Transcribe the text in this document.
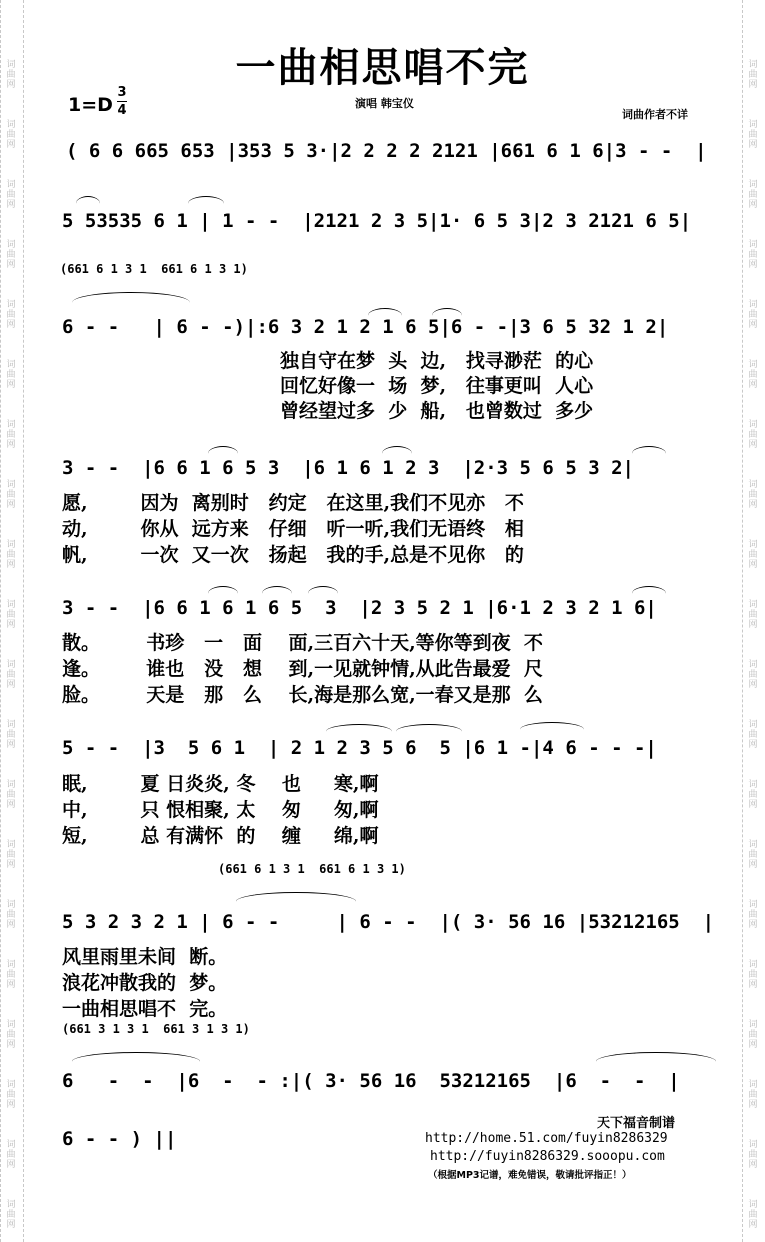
词
曲
网
词
曲
网
词
曲
网
词
曲
网
词
曲
网
词
曲
网
词
曲
网
词
曲
网
词
曲
网
词
曲
网
词
曲
网
词
曲
网
词
曲
网
词
曲
网
词
曲
网
词
曲
网
词
曲
网
词
曲
网
词
曲
网
词
曲
网
词
曲
网
词
曲
网
词
曲
网
词
曲
网
词
曲
网
词
曲
网
词
曲
网
词
曲
网
词
曲
网
词
曲
网
词
曲
网
词
曲
网
词
曲
网
词
曲
网
词
曲
网
词
曲
网
词
曲
网
词
曲
网
词
曲
网
词
曲
网
一曲相思唱不完
1=D
3
4	演唱 韩宝仪
词曲作者不详
( 6 6 665 653 |353 5 3·|2 2 2 2 2121 |661 6 1 6|3 - -  |
5 53535 6 1 | 1 - -  |2121 2 3 5|1· 6 5 3|2 3 2121 6 5|
(661 6 1 3 1  661 6 1 3 1)
6 - -   | 6 - -)|:6 3 2 1 2 1 6 5|6 - -|3 6 5 32 1 2|
独自守在梦  头  边,   找寻渺茫  的心
回忆好像一  场  梦,   往事更叫  人心
曾经望过多  少  船,   也曾数过  多少
3 - -  |6 6 1 6 5 3  |6 1 6 1 2 3  |2·3 5 6 5 3 2|
愿,        因为  离别时   约定   在这里,我们不见亦   不
动,        你从  远方来   仔细   听一听,我们无语终   相
帆,        一次  又一次   扬起   我的手,总是不见你   的
3 - -  |6 6 1 6 1 6 5  3  |2 3 5 2 1 |6·1 2 3 2 1 6|
散。       书珍   一   面    面,三百六十天,等你等到夜  不
逢。       谁也   没   想    到,一见就钟情,从此告最爱  尺
脸。       天是   那   么    长,海是那么宽,一春又是那  么
5 - -  |3  5 6 1  | 2 1 2 3 5 6  5 |6 1 -|4 6 - - -|
眠,        夏 日炎炎, 冬    也     寒,啊
中,        只 恨相聚, 太    匆     匆,啊
短,        总 有满怀  的    缠     绵,啊
(661 6 1 3 1  661 6 1 3 1)
5 3 2 3 2 1 | 6 - -     | 6 - -  |( 3· 56 16 |53212165  |
风里雨里未间  断。
浪花冲散我的  梦。
一曲相思唱不  完。
(661 3 1 3 1  661 3 1 3 1)
6   -  -  |6  -  - :|( 3· 56 16  53212165  |6  -  -  |
6 - - ) ||
天下福音制谱
http://home.51.com/fuyin8286329
http://fuyin8286329.sooopu.com
（根据MP3记谱，难免错误，敬请批评指正！）
